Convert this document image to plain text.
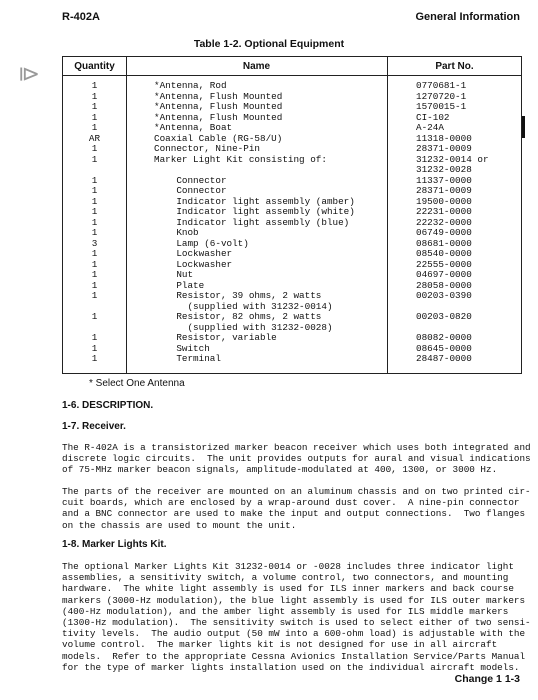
R-402A	General Information
⧐
Table 1-2. Optional Equipment
Quantity	Name	Part No.
1	*Antenna, Rod	0770681-1
1	*Antenna, Flush Mounted	1270720-1
1	*Antenna, Flush Mounted	1570015-1
1	*Antenna, Flush Mounted	CI-102
1	*Antenna, Boat	A-24A
AR	Coaxial Cable (RG-58/U)	11318-0000
1	Connector, Nine-Pin	28371-0009
1	Marker Light Kit consisting of:	31232-0014 or
31232-0028
1	Connector	11337-0000
1	Connector	28371-0009
1	Indicator light assembly (amber)	19500-0000
1	Indicator light assembly (white)	22231-0000
1	Indicator light assembly (blue)	22232-0000
1	Knob	06749-0000
3	Lamp (6-volt)	08681-0000
1	Lockwasher	08540-0000
1	Lockwasher	22555-0000
1	Nut	04697-0000
1	Plate	28058-0000
1	Resistor, 39 ohms, 2 watts	00203-0390
(supplied with 31232-0014)
1	Resistor, 82 ohms, 2 watts	00203-0820
(supplied with 31232-0028)
1	Resistor, variable	08082-0000
1	Switch	08645-0000
1	Terminal	28487-0000
* Select One Antenna
1-6. DESCRIPTION.
1-7. Receiver.
The R-402A is a transistorized marker beacon receiver which uses both integrated and
discrete logic circuits.  The unit provides outputs for aural and visual indications
of 75-MHz marker beacon signals, amplitude-modulated at 400, 1300, or 3000 Hz.
The parts of the receiver are mounted on an aluminum chassis and on two printed cir-
cuit boards, which are enclosed by a wrap-around dust cover.  A nine-pin connector
and a BNC connector are used to make the input and output connections.  Two flanges
on the chassis are used to mount the unit.
1-8. Marker Lights Kit.
The optional Marker Lights Kit 31232-0014 or -0028 includes three indicator light
assemblies, a sensitivity switch, a volume control, two connectors, and mounting
hardware.  The white light assembly is used for ILS inner markers and back course
markers (3000-Hz modulation), the blue light assembly is used for ILS outer markers
(400-Hz modulation), and the amber light assembly is used for ILS middle markers
(1300-Hz modulation).  The sensitivity switch is used to select either of two sensi-
tivity levels.  The audio output (50 mW into a 600-ohm load) is adjustable with the
volume control.  The marker lights kit is not designed for use in all aircraft
models.  Refer to the appropriate Cessna Avionics Installation Service/Parts Manual
for the type of marker lights installation used on the individual aircraft models.
Change 1 1-3
